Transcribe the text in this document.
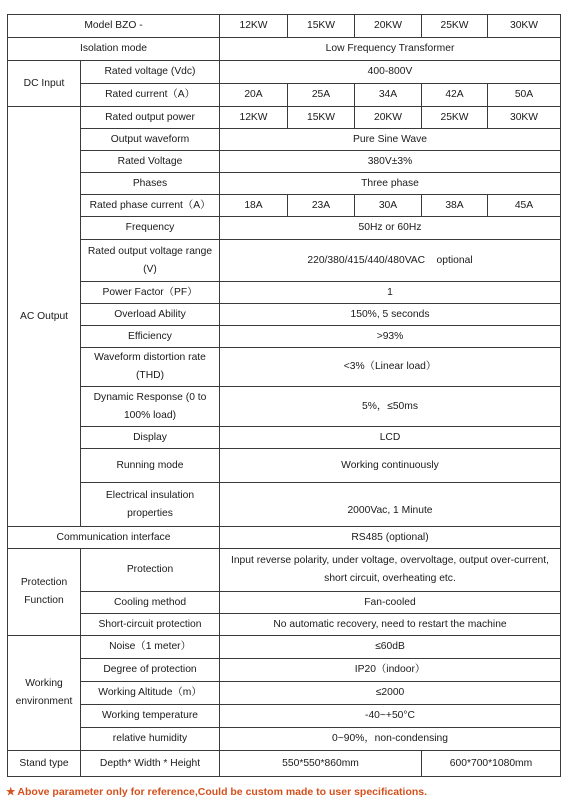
Model BZO -		12KW	15KW	20KW	25KW	30KW
Isolation mode		Low Frequency Transformer				
DC Input	Rated voltage (Vdc)	400-800V				
	Rated current（A）	20A	25A	34A	42A	50A
AC Output	Rated output power	12KW	15KW	20KW	25KW	30KW
	Output waveform	Pure Sine Wave				
	Rated Voltage	380V±3%				
	Phases	Three phase				
	Rated phase current（A）	18A	23A	30A	38A	45A
	Frequency	50Hz or 60Hz				
	Rated output voltage range (V)	220/380/415/440/480VAC    optional				
	Power Factor（PF）	1				
	Overload Ability	150%, 5 seconds				
	Efficiency	>93%				
	Waveform distortion rate (THD)	<3%（Linear load）				
	Dynamic Response (0 to 100% load)	5%，≤50ms				
	Display	LCD				
	Running mode	Working continuously				
	Electrical insulation properties	2000Vac, 1 Minute				
Communication interface		RS485 (optional)				
Protection Function	Protection	Input reverse polarity, under voltage, overvoltage, output over-current, short circuit, overheating etc.				
	Cooling method	Fan-cooled				
	Short-circuit protection	No automatic recovery, need to restart the machine				
Working environment	Noise（1 meter）	≤60dB				
	Degree of protection	IP20（indoor）				
	Working Altitude（m）	≤2000				
	Working temperature	-40~+50°C				
	relative humidity	0~90%，non-condensing				
Stand type	Depth* Width * Height	550*550*860mm			600*700*1080mm	
★ Above parameter only for reference,Could be custom made to user specifications.
